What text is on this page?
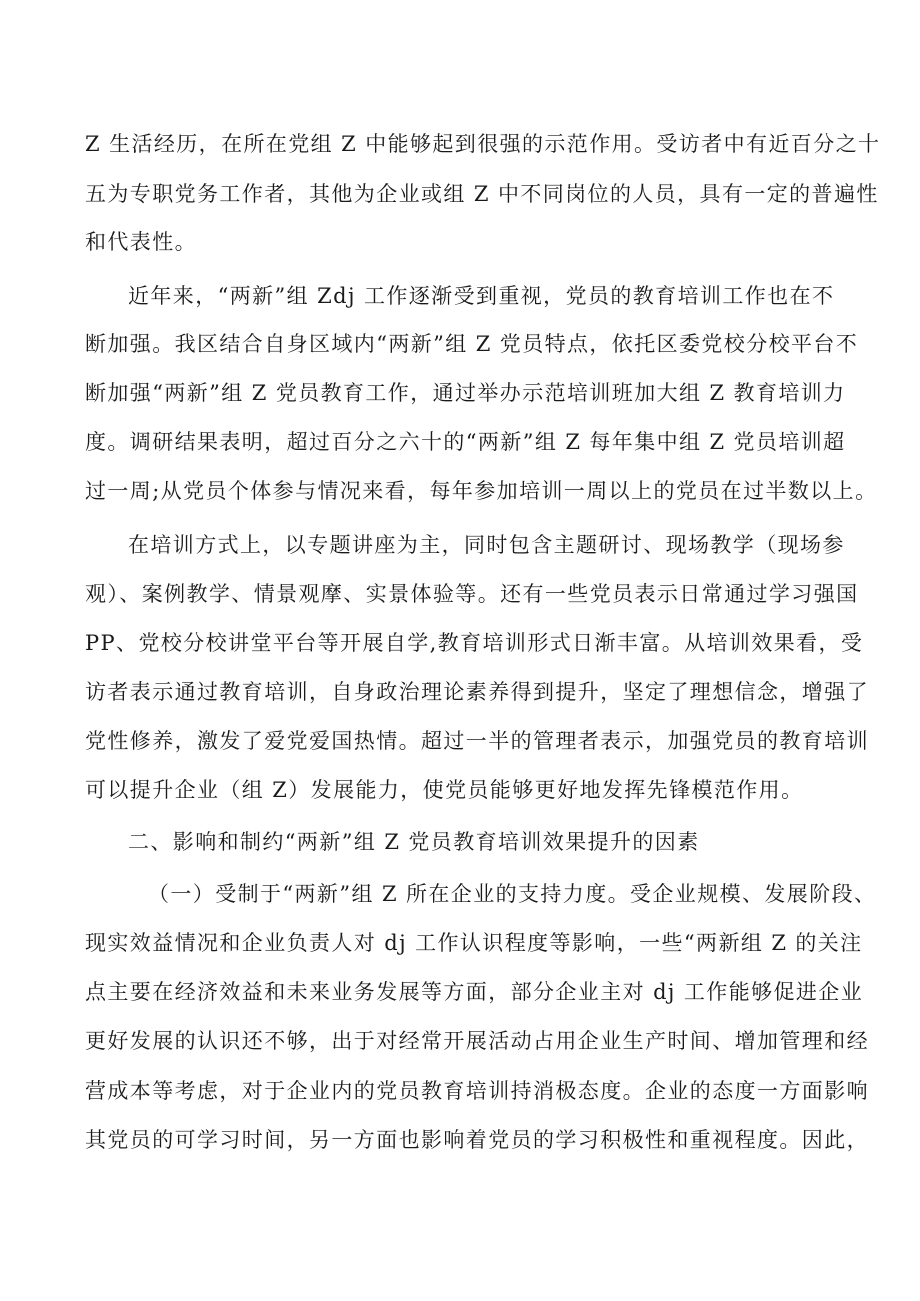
Z 生活经历，在所在党组 Z 中能够起到很强的示范作用。受访者中有近百分之十
五为专职党务工作者，其他为企业或组 Z 中不同岗位的人员，具有一定的普遍性
和代表性。
近年来，“两新”组 Zdj 工作逐渐受到重视，党员的教育培训工作也在不
断加强。我区结合自身区域内“两新”组 Z 党员特点，依托区委党校分校平台不
断加强“两新”组 Z 党员教育工作，通过举办示范培训班加大组 Z 教育培训力
度。调研结果表明，超过百分之六十的“两新”组 Z 每年集中组 Z 党员培训超
过一周;从党员个体参与情况来看，每年参加培训一周以上的党员在过半数以上。
在培训方式上，以专题讲座为主，同时包含主题研讨、现场教学（现场参
观）、案例教学、情景观摩、实景体验等。还有一些党员表示日常通过学习强国
PP、党校分校讲堂平台等开展自学,教育培训形式日渐丰富。从培训效果看，受
访者表示通过教育培训，自身政治理论素养得到提升，坚定了理想信念，增强了
党性修养，激发了爱党爱国热情。超过一半的管理者表示，加强党员的教育培训
可以提升企业（组 Z）发展能力，使党员能够更好地发挥先锋模范作用。
二、影响和制约“两新”组 Z 党员教育培训效果提升的因素
（一）受制于“两新”组 Z 所在企业的支持力度。受企业规模、发展阶段、
现实效益情况和企业负责人对 dj 工作认识程度等影响，一些“两新组 Z 的关注
点主要在经济效益和未来业务发展等方面，部分企业主对 dj 工作能够促进企业
更好发展的认识还不够，出于对经常开展活动占用企业生产时间、增加管理和经
营成本等考虑，对于企业内的党员教育培训持消极态度。企业的态度一方面影响
其党员的可学习时间，另一方面也影响着党员的学习积极性和重视程度。因此，
